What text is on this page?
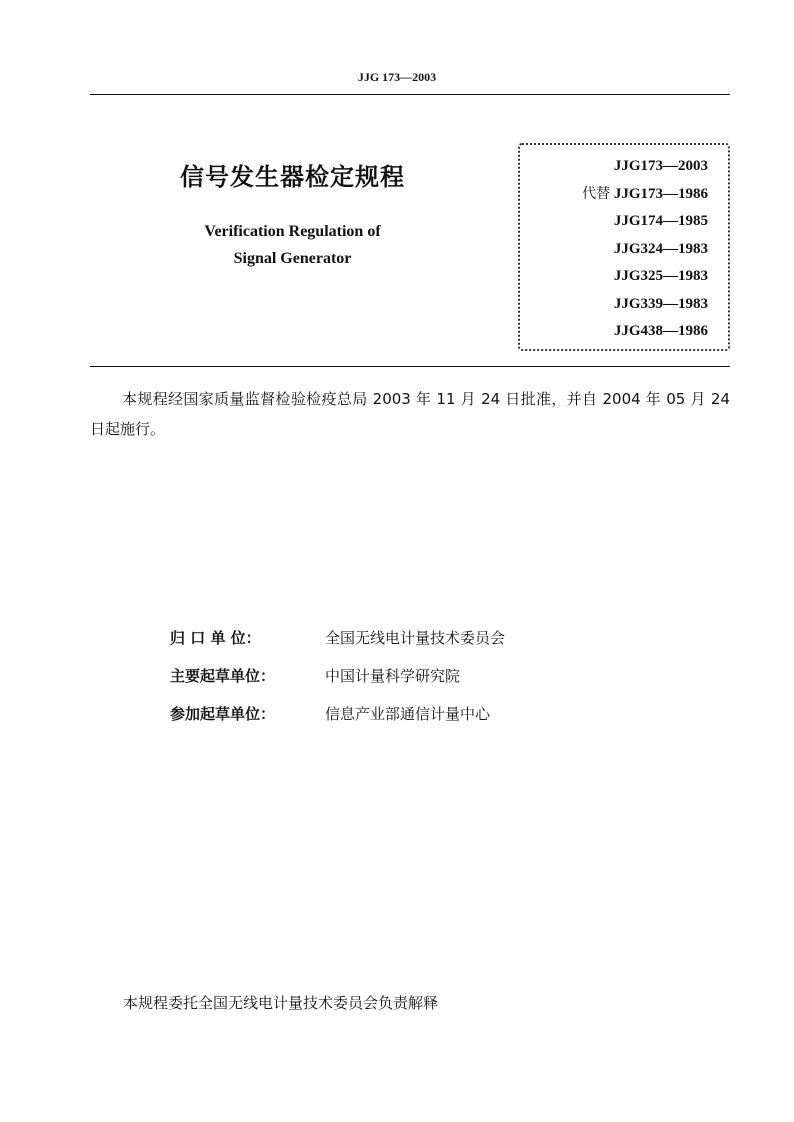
JJG 173—2003
信号发生器检定规程
Verification Regulation of
Signal Generator
JJG173—2003
代替 JJG173—1986
JJG174—1985
JJG324—1983
JJG325—1983
JJG339—1983
JJG438—1986

本规程经国家质量监督检验检疫总局 2003 年 11 月 24 日批准，并自 2004 年 05 月 24 日起施行。

归 口 单 位：	全国无线电计量技术委员会
主要起草单位：	中国计量科学研究院
参加起草单位：	信息产业部通信计量中心
本规程委托全国无线电计量技术委员会负责解释
